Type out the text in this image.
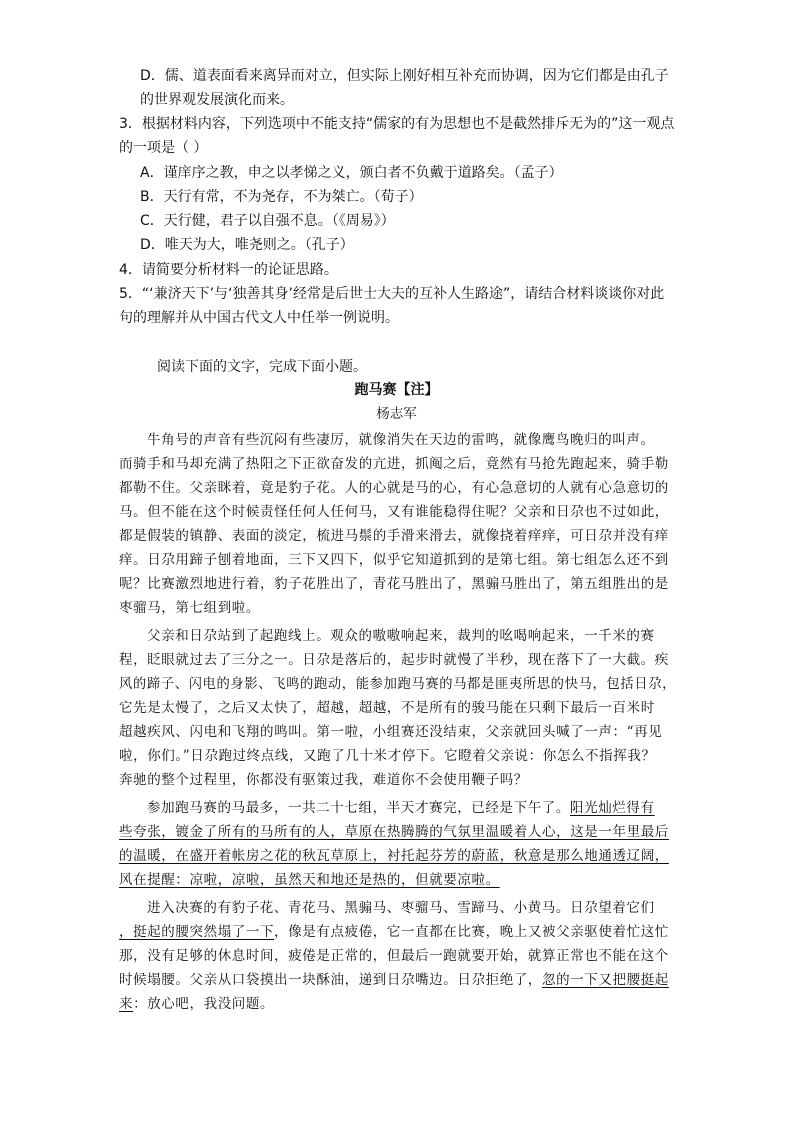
D．儒、道表面看来离异而对立，但实际上刚好相互补充而协调，因为它们都是由孔子
的世界观发展演化而来。
3．根据材料内容，下列选项中不能支持“儒家的有为思想也不是截然排斥无为的”这一观点
的一项是（ ）
A．谨庠序之教，申之以孝悌之义，颁白者不负戴于道路矣。（孟子）
B．天行有常，不为尧存，不为桀亡。（荀子）
C．天行健，君子以自强不息。（《周易》）
D．唯天为大，唯尧则之。（孔子）
4．请简要分析材料一的论证思路。
5．“‘兼济天下’与‘独善其身’经常是后世士大夫的互补人生路途”，请结合材料谈谈你对此
句的理解并从中国古代文人中任举一例说明。
阅读下面的文字，完成下面小题。
跑马赛【注】
杨志军
牛角号的声音有些沉闷有些凄厉，就像消失在天边的雷鸣，就像鹰鸟晚归的叫声。
而骑手和马却充满了热阳之下正欲奋发的亢进，抓阄之后，竟然有马抢先跑起来，骑手勒
都勒不住。父亲眯着，竟是豹子花。人的心就是马的心，有心急意切的人就有心急意切的
马。但不能在这个时候责怪任何人任何马，又有谁能稳得住呢？父亲和日尕也不过如此，
都是假装的镇静、表面的淡定，梳进马鬃的手滑来滑去，就像挠着痒痒，可日尕并没有痒
痒。日尕用蹄子刨着地面，三下又四下，似乎它知道抓到的是第七组。第七组怎么还不到
呢？比赛激烈地进行着，豹子花胜出了，青花马胜出了，黑骟马胜出了，第五组胜出的是
枣骝马，第七组到啦。
父亲和日尕站到了起跑线上。观众的嗷嗷响起来，裁判的吆喝响起来，一千米的赛
程，眨眼就过去了三分之一。日尕是落后的，起步时就慢了半秒，现在落下了一大截。疾
风的蹄子、闪电的身影、飞鸣的跑动，能参加跑马赛的马都是匪夷所思的快马，包括日尕，
它先是太慢了，之后又太快了，超越，超越，不是所有的骏马能在只剩下最后一百米时
超越疾风、闪电和飞翔的鸣叫。第一啦，小组赛还没结束，父亲就回头喊了一声：“再见
啦，你们。”日尕跑过终点线，又跑了几十米才停下。它瞪着父亲说：你怎么不指挥我？
奔驰的整个过程里，你都没有驱策过我，难道你不会使用鞭子吗？
参加跑马赛的马最多，一共二十七组，半天才赛完，已经是下午了。阳光灿烂得有
些夸张，镀金了所有的马所有的人，草原在热腾腾的气氛里温暖着人心，这是一年里最后
的温暖，在盛开着帐房之花的秋瓦草原上，衬托起芬芳的蔚蓝，秋意是那么地通透辽阔，
风在提醒：凉啦，凉啦，虽然天和地还是热的，但就要凉啦。
进入决赛的有豹子花、青花马、黑骟马、枣骝马、雪蹄马、小黄马。日尕望着它们
，挺起的腰突然塌了一下，像是有点疲倦，它一直都在比赛，晚上又被父亲驱使着忙这忙
那，没有足够的休息时间，疲倦是正常的，但最后一跑就要开始，就算正常也不能在这个
时候塌腰。父亲从口袋摸出一块酥油，递到日尕嘴边。日尕拒绝了，忽的一下又把腰挺起
来：放心吧，我没问题。
